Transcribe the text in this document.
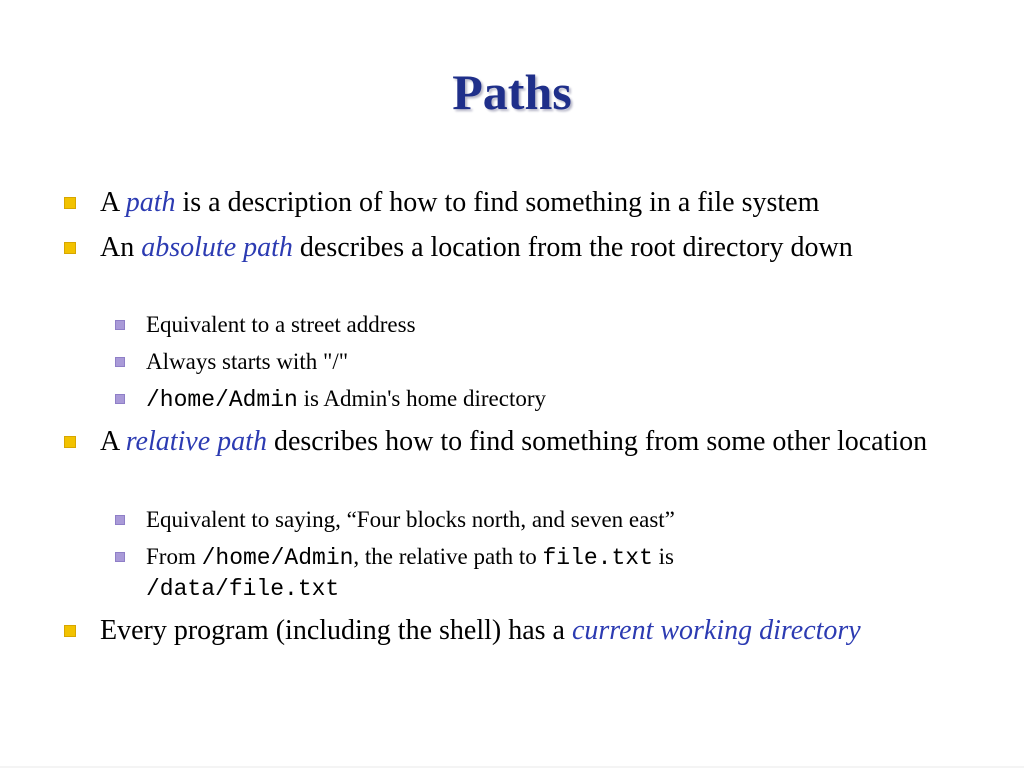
Paths
A path is a description of how to find something in a file system
An absolute path describes a location from the root directory down
Equivalent to a street address
Always starts with "/"
/home/Admin is Admin's home directory
A relative path describes how to find something from some other location
Equivalent to saying, “Four blocks north, and seven east”
From /home/Admin, the relative path to file.txt is
/data/file.txt
Every program (including the shell) has a current working directory
